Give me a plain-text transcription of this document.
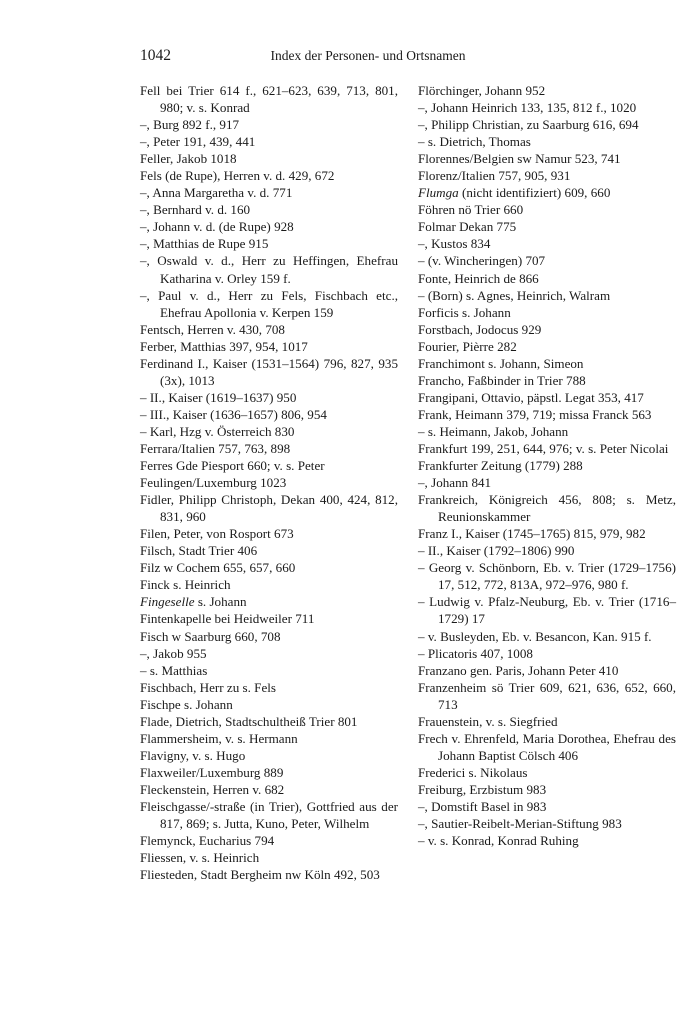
1042	Index der Personen- und Ortsnamen

Fell bei Trier 614 f., 621–623, 639, 713, 801, 980; v. s. Konrad

–, Burg 892 f., 917

–, Peter 191, 439, 441

Feller, Jakob 1018

Fels (de Rupe), Herren v. d. 429, 672

–, Anna Margaretha v. d. 771

–, Bernhard v. d. 160

–, Johann v. d. (de Rupe) 928

–, Matthias de Rupe 915

–, Oswald v. d., Herr zu Heffingen, Ehefrau Katharina v. Orley 159 f.

–, Paul v. d., Herr zu Fels, Fischbach etc., Ehefrau Apollonia v. Kerpen 159

Fentsch, Herren v. 430, 708

Ferber, Matthias 397, 954, 1017

Ferdinand I., Kaiser (1531–1564) 796, 827, 935 (3x), 1013

– II., Kaiser (1619–1637) 950

– III., Kaiser (1636–1657) 806, 954

– Karl, Hzg v. Österreich 830

Ferrara/Italien 757, 763, 898

Ferres Gde Piesport 660; v. s. Peter

Feulingen/Luxemburg 1023

Fidler, Philipp Christoph, Dekan 400, 424, 812, 831, 960

Filen, Peter, von Rosport 673

Filsch, Stadt Trier 406

Filz w Cochem 655, 657, 660

Finck s. Heinrich

Fingeselle s. Johann

Fintenkapelle bei Heidweiler 711

Fisch w Saarburg 660, 708

–, Jakob 955

– s. Matthias

Fischbach, Herr zu s. Fels

Fischpe s. Johann

Flade, Dietrich, Stadtschultheiß Trier 801

Flammersheim, v. s. Hermann

Flavigny, v. s. Hugo

Flaxweiler/Luxemburg 889

Fleckenstein, Herren v. 682

Fleischgasse/-straße (in Trier), Gottfried aus der 817, 869; s. Jutta, Kuno, Peter, Wilhelm

Flemynck, Eucharius 794

Fliessen, v. s. Heinrich

Fliesteden, Stadt Bergheim nw Köln 492, 503

Flörchinger, Johann 952

–, Johann Heinrich 133, 135, 812 f., 1020

–, Philipp Christian, zu Saarburg 616, 694

– s. Dietrich, Thomas

Florennes/Belgien sw Namur 523, 741

Florenz/Italien 757, 905, 931

Flumga (nicht identifiziert) 609, 660

Föhren nö Trier 660

Folmar Dekan 775

–, Kustos 834

– (v. Wincheringen) 707

Fonte, Heinrich de 866

– (Born) s. Agnes, Heinrich, Walram

Forficis s. Johann

Forstbach, Jodocus 929

Fourier, Pièrre 282

Franchimont s. Johann, Simeon

Francho, Faßbinder in Trier 788

Frangipani, Ottavio, päpstl. Legat 353, 417

Frank, Heimann 379, 719; missa Franck 563

– s. Heimann, Jakob, Johann

Frankfurt 199, 251, 644, 976; v. s. Peter Nicolai

Frankfurter Zeitung (1779) 288

–, Johann 841

Frankreich, Königreich 456, 808; s. Metz, Reunionskammer

Franz I., Kaiser (1745–1765) 815, 979, 982

– II., Kaiser (1792–1806) 990

– Georg v. Schönborn, Eb. v. Trier (1729–1756) 17, 512, 772, 813A, 972–976, 980 f.

– Ludwig v. Pfalz-Neuburg, Eb. v. Trier (1716–1729) 17

– v. Busleyden, Eb. v. Besancon, Kan. 915 f.

– Plicatoris 407, 1008

Franzano gen. Paris, Johann Peter 410

Franzenheim sö Trier 609, 621, 636, 652, 660, 713

Frauenstein, v. s. Siegfried

Frech v. Ehrenfeld, Maria Dorothea, Ehefrau des Johann Baptist Cölsch 406

Frederici s. Nikolaus

Freiburg, Erzbistum 983

–, Domstift Basel in 983

–, Sautier-Reibelt-Merian-Stiftung 983

– v. s. Konrad, Konrad Ruhing
